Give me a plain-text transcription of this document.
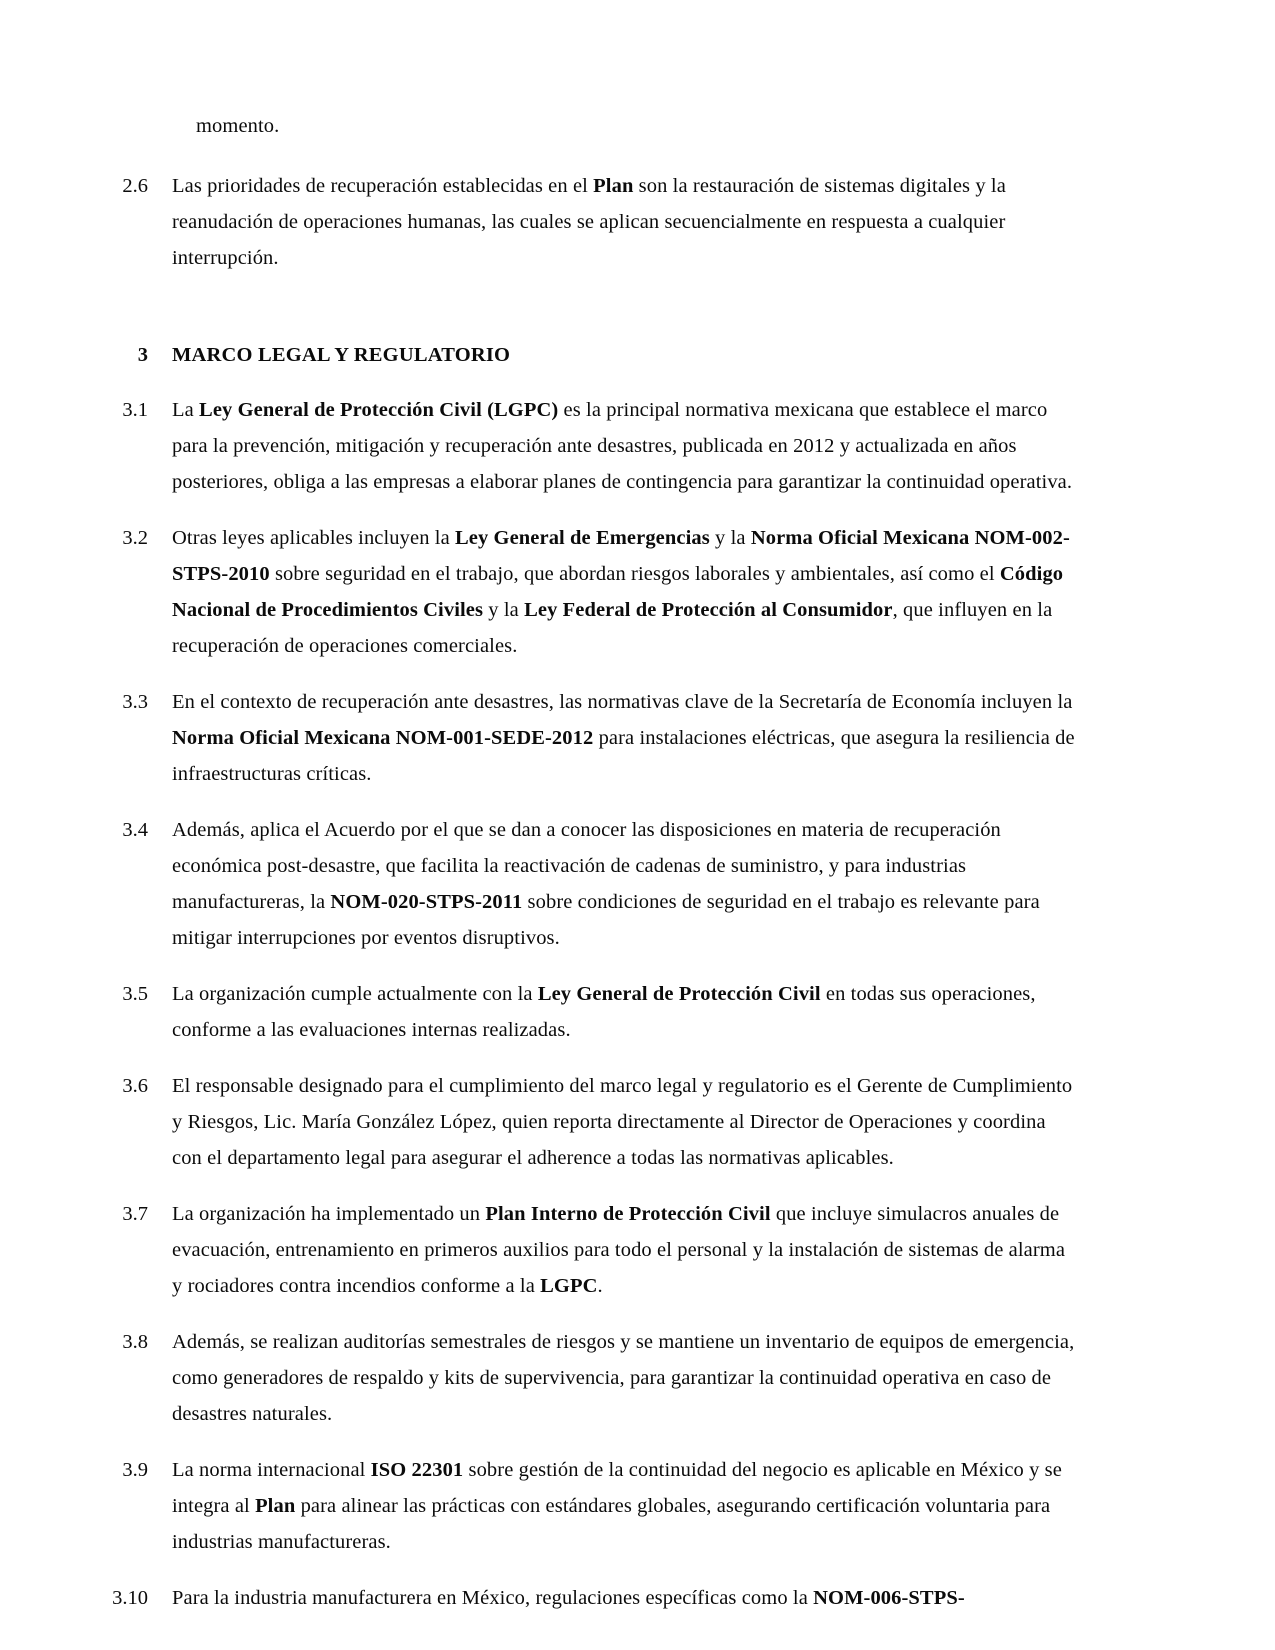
momento.

2.6	Las prioridades de recuperación establecidas en el Plan son la restauración de sistemas digitales y la reanudación de operaciones humanas, las cuales se aplican secuencialmente en respuesta a cualquier interrupción.
3	MARCO LEGAL Y REGULATORIO
3.1	La Ley General de Protección Civil (LGPC) es la principal normativa mexicana que establece el marco para la prevención, mitigación y recuperación ante desastres, publicada en 2012 y actualizada en años posteriores, obliga a las empresas a elaborar planes de contingencia para garantizar la continuidad operativa.
3.2	Otras leyes aplicables incluyen la Ley General de Emergencias y la Norma Oficial Mexicana NOM-002-STPS-2010 sobre seguridad en el trabajo, que abordan riesgos laborales y ambientales, así como el Código Nacional de Procedimientos Civiles y la Ley Federal de Protección al Consumidor, que influyen en la recuperación de operaciones comerciales.
3.3	En el contexto de recuperación ante desastres, las normativas clave de la Secretaría de Economía incluyen la Norma Oficial Mexicana NOM-001-SEDE-2012 para instalaciones eléctricas, que asegura la resiliencia de infraestructuras críticas.
3.4	Además, aplica el Acuerdo por el que se dan a conocer las disposiciones en materia de recuperación económica post-desastre, que facilita la reactivación de cadenas de suministro, y para industrias manufactureras, la NOM-020-STPS-2011 sobre condiciones de seguridad en el trabajo es relevante para mitigar interrupciones por eventos disruptivos.
3.5	La organización cumple actualmente con la Ley General de Protección Civil en todas sus operaciones, conforme a las evaluaciones internas realizadas.
3.6	El responsable designado para el cumplimiento del marco legal y regulatorio es el Gerente de Cumplimiento y Riesgos, Lic. María González López, quien reporta directamente al Director de Operaciones y coordina con el departamento legal para asegurar el adherence a todas las normativas aplicables.
3.7	La organización ha implementado un Plan Interno de Protección Civil que incluye simulacros anuales de evacuación, entrenamiento en primeros auxilios para todo el personal y la instalación de sistemas de alarma y rociadores contra incendios conforme a la LGPC.
3.8	Además, se realizan auditorías semestrales de riesgos y se mantiene un inventario de equipos de emergencia, como generadores de respaldo y kits de supervivencia, para garantizar la continuidad operativa en caso de desastres naturales.
3.9	La norma internacional ISO 22301 sobre gestión de la continuidad del negocio es aplicable en México y se integra al Plan para alinear las prácticas con estándares globales, asegurando certificación voluntaria para industrias manufactureras.
3.10	Para la industria manufacturera en México, regulaciones específicas como la NOM-006-STPS-
